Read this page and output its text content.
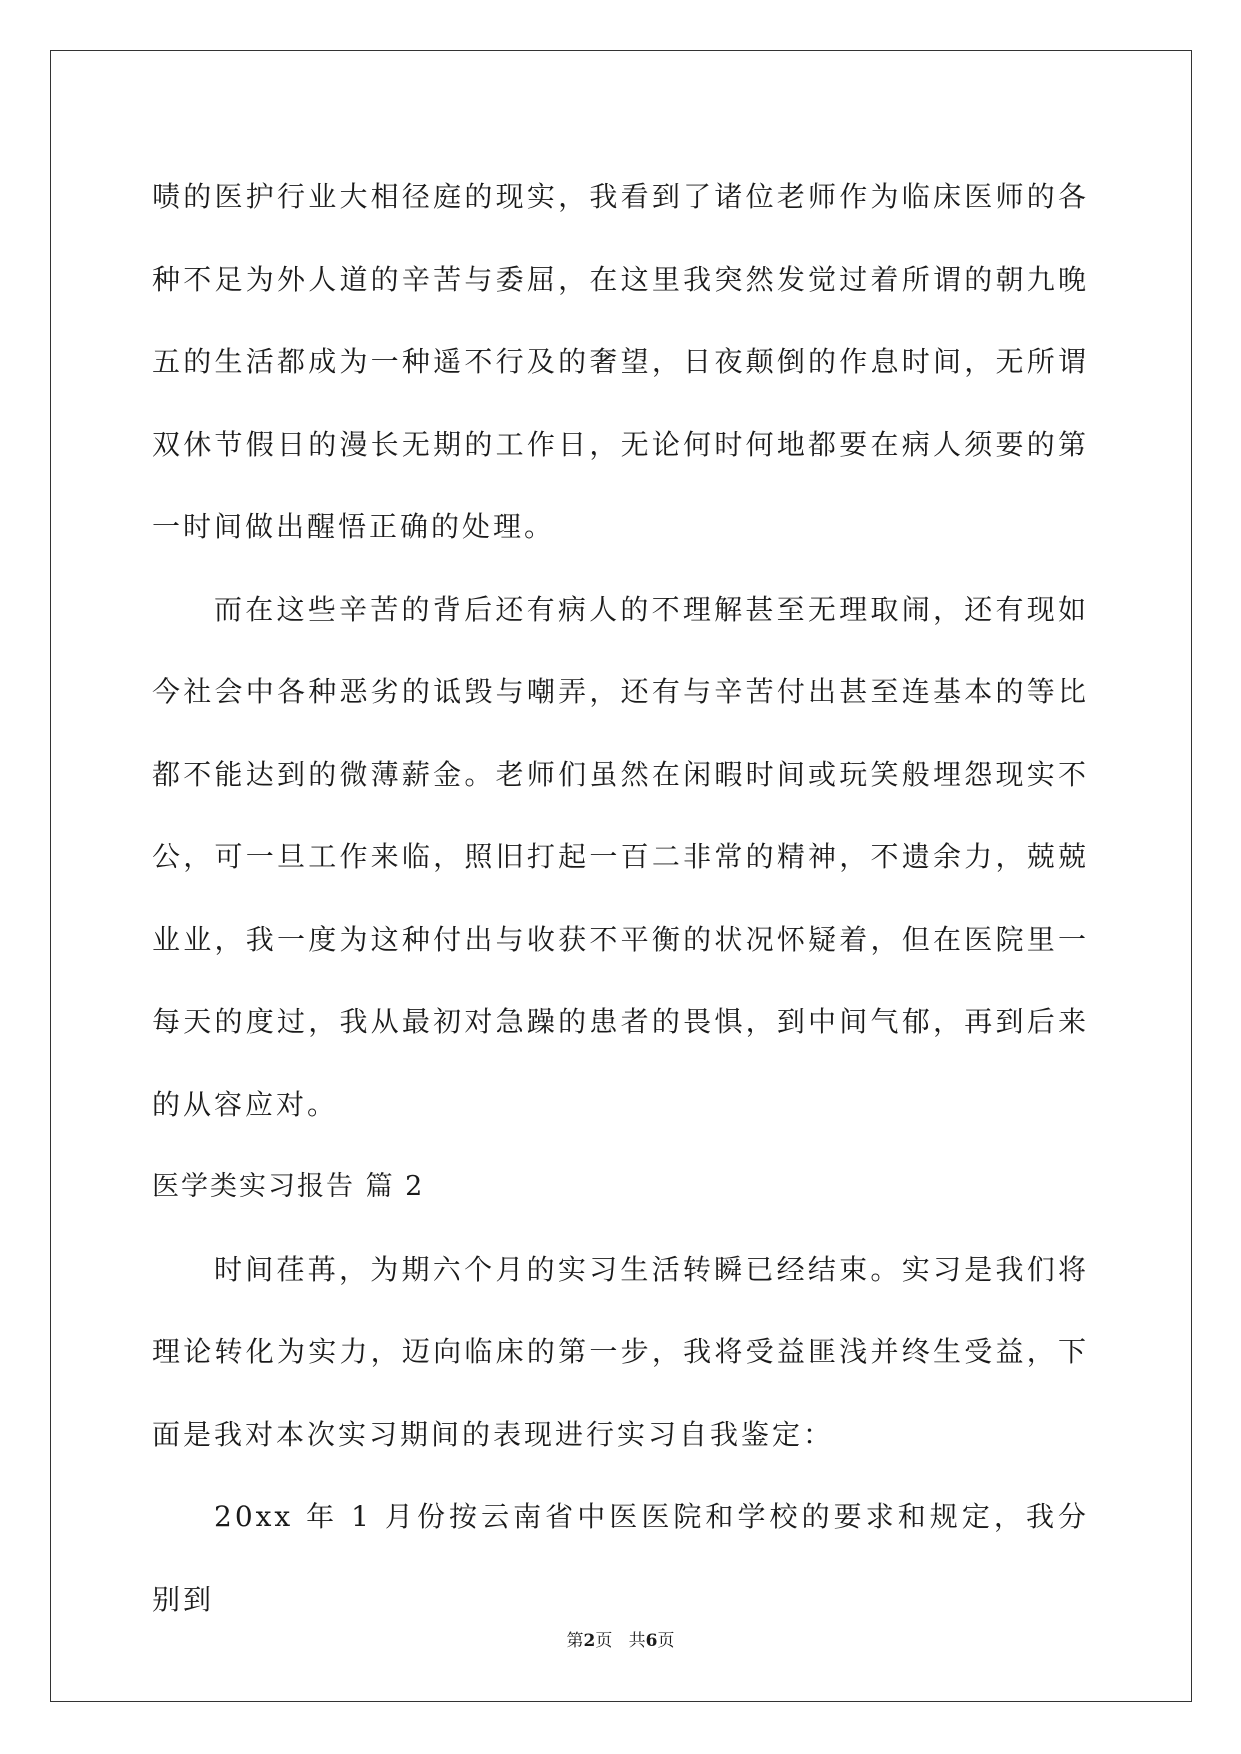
啧的医护行业大相径庭的现实，我看到了诸位老师作为临床医师的各种不足为外人道的辛苦与委屈，在这里我突然发觉过着所谓的朝九晚五的生活都成为一种遥不行及的奢望，日夜颠倒的作息时间，无所谓双休节假日的漫长无期的工作日，无论何时何地都要在病人须要的第一时间做出醒悟正确的处理。

而在这些辛苦的背后还有病人的不理解甚至无理取闹，还有现如今社会中各种恶劣的诋毁与嘲弄，还有与辛苦付出甚至连基本的等比都不能达到的微薄薪金。老师们虽然在闲暇时间或玩笑般埋怨现实不公，可一旦工作来临，照旧打起一百二非常的精神，不遗余力，兢兢业业，我一度为这种付出与收获不平衡的状况怀疑着，但在医院里一每天的度过，我从最初对急躁的患者的畏惧，到中间气郁，再到后来的从容应对。

医学类实习报告 篇 2

时间荏苒，为期六个月的实习生活转瞬已经结束。实习是我们将理论转化为实力，迈向临床的第一步，我将受益匪浅并终生受益，下面是我对本次实习期间的表现进行实习自我鉴定：

20xx 年 1 月份按云南省中医医院和学校的要求和规定，我分别到

第2页 共6页
